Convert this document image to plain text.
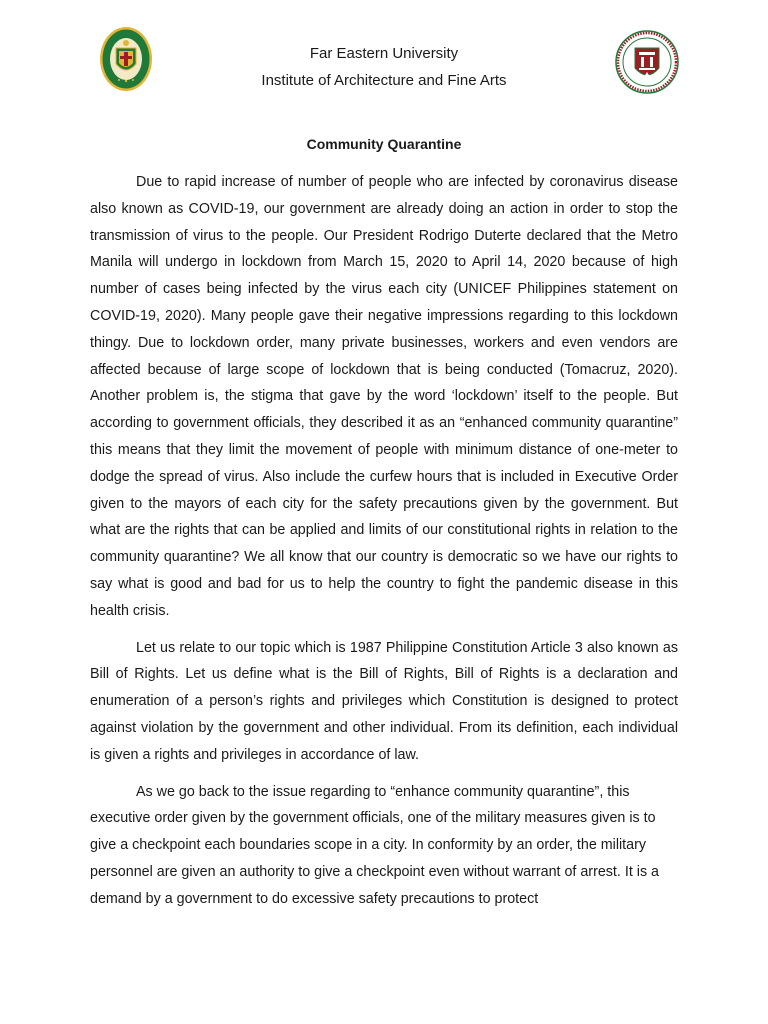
Far Eastern University
Institute of Architecture and Fine Arts
Community Quarantine

Due to rapid increase of number of people who are infected by coronavirus disease also known as COVID-19, our government are already doing an action in order to stop the transmission of virus to the people. Our President Rodrigo Duterte declared that the Metro Manila will undergo in lockdown from March 15, 2020 to April 14, 2020 because of high number of cases being infected by the virus each city (UNICEF Philippines statement on COVID-19, 2020). Many people gave their negative impressions regarding to this lockdown thingy. Due to lockdown order, many private businesses, workers and even vendors are affected because of large scope of lockdown that is being conducted (Tomacruz, 2020). Another problem is, the stigma that gave by the word ‘lockdown’ itself to the people. But according to government officials, they described it as an “enhanced community quarantine” this means that they limit the movement of people with minimum distance of one-meter to dodge the spread of virus. Also include the curfew hours that is included in Executive Order given to the mayors of each city for the safety precautions given by the government. But what are the rights that can be applied and limits of our constitutional rights in relation to the community quarantine? We all know that our country is democratic so we have our rights to say what is good and bad for us to help the country to fight the pandemic disease in this health crisis.

Let us relate to our topic which is 1987 Philippine Constitution Article 3 also known as Bill of Rights. Let us define what is the Bill of Rights, Bill of Rights is a declaration and enumeration of a person’s rights and privileges which Constitution is designed to protect against violation by the government and other individual. From its definition, each individual is given a rights and privileges in accordance of law.

As we go back to the issue regarding to “enhance community quarantine”, this executive order given by the government officials, one of the military measures given is to give a checkpoint each boundaries scope in a city. In conformity by an order, the military personnel are given an authority to give a checkpoint even without warrant of arrest. It is a demand by a government to do excessive safety precautions to protect
